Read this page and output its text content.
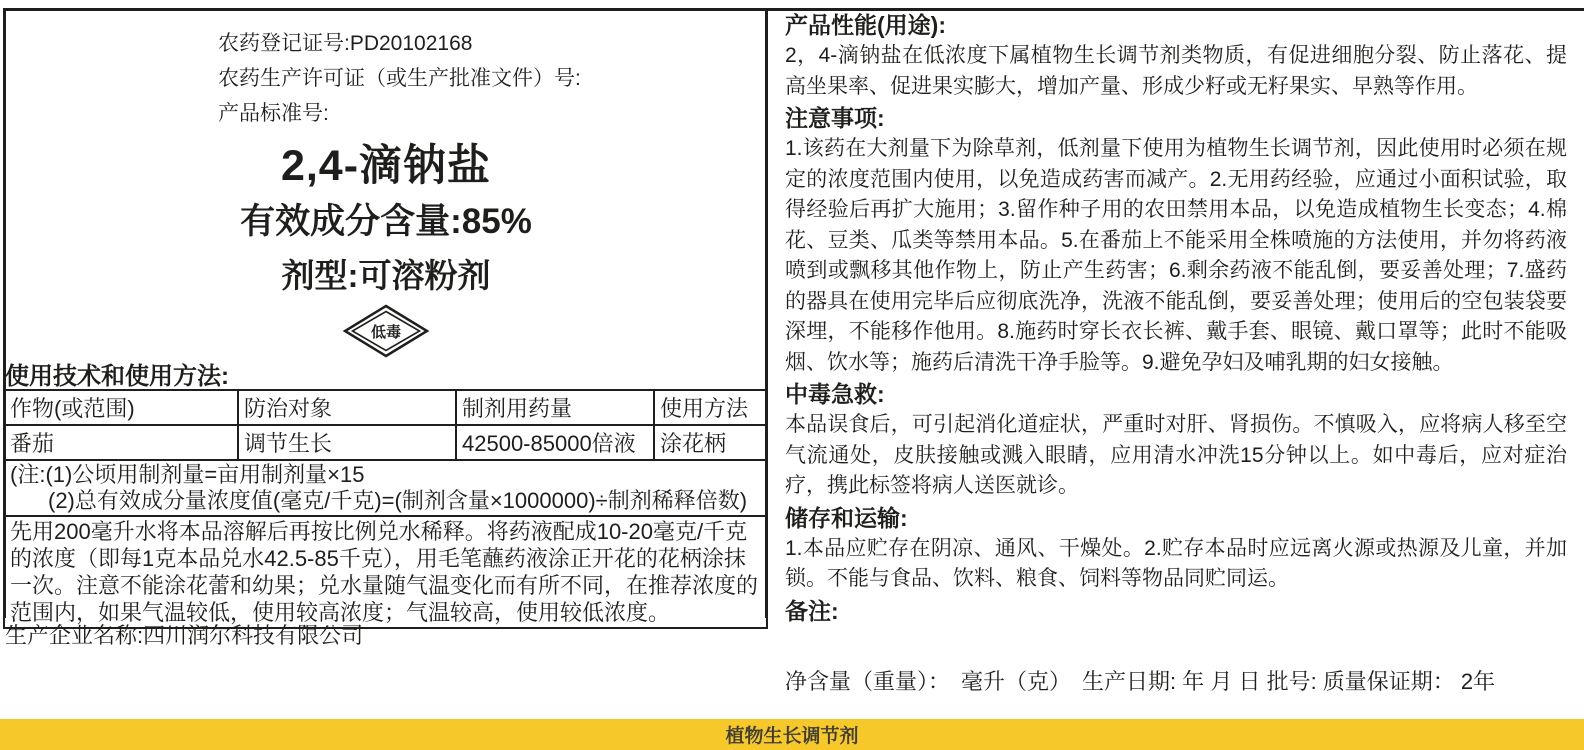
农药登记证号:PD20102168
农药生产许可证（或生产批准文件）号:
产品标准号:
2,4-滴钠盐
有效成分含量:85%
剂型:可溶粉剂
低毒
使用技术和使用方法:
作物(或范围)	防治对象	制剂用药量	使用方法
番茄	调节生长	42500-85000倍液	涂花柄

(注:(1)公顷用制剂量=亩用制剂量×15
(2)总有效成分量浓度值(毫克/千克)=(制剂含量×1000000)÷制剂稀释倍数)			

先用200毫升水将本品溶解后再按比例兑水稀释。将药液配成10-20毫克/千克的浓度（即每1克本品兑水42.5-85千克），用毛笔蘸药液涂正开花的花柄涂抹一次。注意不能涂花蕾和幼果；兑水量随气温变化而有所不同，在推荐浓度的范围内，如果气温较低，使用较高浓度；气温较高，使用较低浓度。			
生产企业名称:四川润尔科技有限公司
产品性能(用途):

2，4-滴钠盐在低浓度下属植物生长调节剂类物质，有促进细胞分裂、防止落花、提高坐果率、促进果实膨大，增加产量、形成少籽或无籽果实、早熟等作用。

注意事项:

1.该药在大剂量下为除草剂，低剂量下使用为植物生长调节剂，因此使用时必须在规定的浓度范围内使用，以免造成药害而减产。2.无用药经验，应通过小面积试验，取得经验后再扩大施用；3.留作种子用的农田禁用本品，以免造成植物生长变态；4.棉花、豆类、瓜类等禁用本品。5.在番茄上不能采用全株喷施的方法使用，并勿将药液喷到或飘移其他作物上，防止产生药害；6.剩余药液不能乱倒，要妥善处理；7.盛药的器具在使用完毕后应彻底洗净，洗液不能乱倒，要妥善处理；使用后的空包装袋要深埋，不能移作他用。8.施药时穿长衣长裤、戴手套、眼镜、戴口罩等；此时不能吸烟、饮水等；施药后清洗干净手脸等。9.避免孕妇及哺乳期的妇女接触。

中毒急救:

本品误食后，可引起消化道症状，严重时对肝、肾损伤。不慎吸入，应将病人移至空气流通处，皮肤接触或溅入眼睛，应用清水冲洗15分钟以上。如中毒后，应对症治疗，携此标签将病人送医就诊。

储存和运输:

1.本品应贮存在阴凉、通风、干燥处。2.贮存本品时应远离火源或热源及儿童，并加锁。不能与食品、饮料、粮食、饲料等物品同贮同运。

备注:

净含量（重量）：　毫升（克）　生产日期: 年 月 日 批号: 质量保证期： 2年
植物生长调节剂
